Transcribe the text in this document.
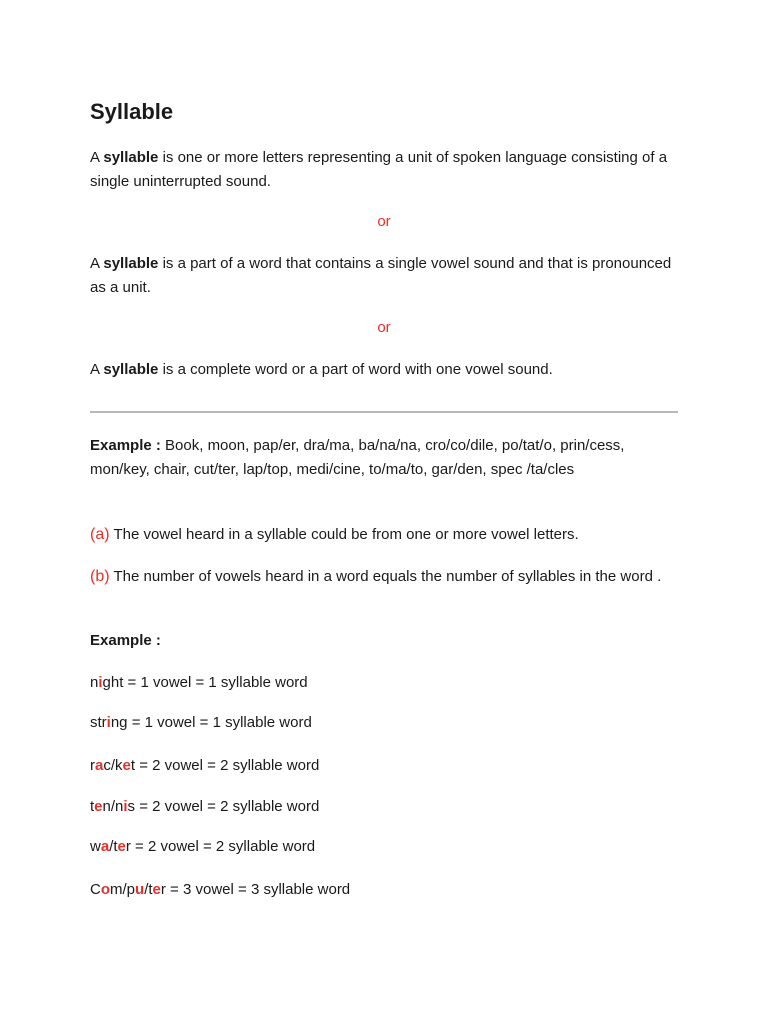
Syllable

A syllable is one or more letters representing a unit of spoken language consisting of a single uninterrupted sound.

or

A syllable is a part of a word that contains a single vowel sound and that is pronounced as a unit.

or

A syllable is a complete word or a part of word with one vowel sound.

Example : Book, moon, pap/er, dra/ma, ba/na/na, cro/co/dile, po/tat/o, prin/cess, mon/key, chair, cut/ter, lap/top, medi/cine, to/ma/to, gar/den, spec /ta/cles

(a) The vowel heard in a syllable could be from one or more vowel letters.

(b) The number of vowels heard in a word equals the number of syllables in the word .

Example :

night = 1 vowel = 1 syllable word

string = 1 vowel = 1 syllable word

rac/ket = 2 vowel = 2 syllable word

ten/nis = 2 vowel = 2 syllable word

wa/ter = 2 vowel = 2 syllable word

Com/pu/ter = 3 vowel = 3 syllable word
